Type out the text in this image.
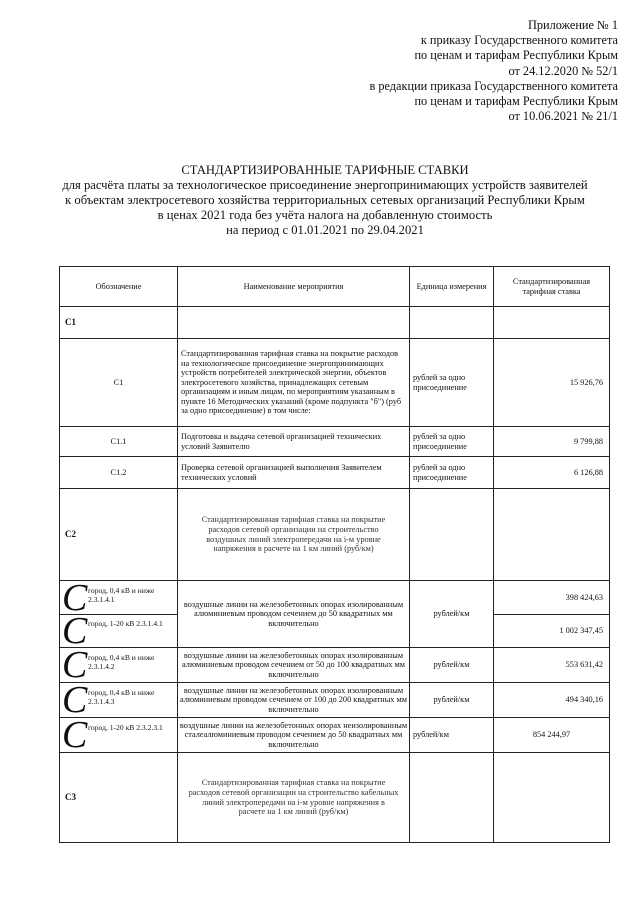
Приложение № 1
к приказу Государственного комитета
по ценам и тарифам Республики Крым
от 24.12.2020 № 52/1
в редакции приказа Государственного комитета
по ценам и тарифам Республики Крым
от 10.06.2021 № 21/1
СТАНДАРТИЗИРОВАННЫЕ ТАРИФНЫЕ СТАВКИ
для расчёта платы за технологическое присоединение энергопринимающих устройств заявителей
к объектам электросетевого хозяйства территориальных сетевых организаций Республики Крым
в ценах 2021 года без учёта налога на добавленную стоимость
на период с 01.01.2021 по 29.04.2021
Обозначение	Наименование мероприятия	Единица измерения	Стандартизированная тарифная ставка
С1			
С1	Стандартизированная тарифная ставка на покрытие расходов на технологическое присоединение энергопринимающих устройств потребителей электрической энергии, объектов электросетевого хозяйства, принадлежащих сетевым организациям и иным лицам, по мероприятиям указанным в пункте 16 Методических указаний (кроме подпункта "б") (руб за одно присоединение) в том числе:	рублей за одно присоединение	15 926,76
С1.1	Подготовка и выдача сетевой организацией технических условий Заявителю	рублей за одно присоединение	9 799,88
С1.2	Проверка сетевой организацией выполнения Заявителем технических условий	рублей за одно присоединение	6 126,88
С2	Стандартизированная тарифная ставка на покрытие расходов сетевой организации на строительство воздушных линий электропередачи на i-м уровне напряжения в расчете на 1 км линий (руб/км)		

C город, 0,4 кВ и ниже 2.3.1.4.1	воздушные линии на железобетонных опорах изолированным алюминиевым проводом сечением до 50 квадратных мм включительно	рублей/км	398 424,63

C город, 1-20 кВ 2.3.1.4.1			1 002 347,45

C город, 0,4 кВ и ниже 2.3.1.4.2	воздушные линии на железобетонных опорах изолированным алюминиевым проводом сечением от 50 до 100 квадратных мм включительно	рублей/км	553 631,42

C город, 0,4 кВ и ниже 2.3.1.4.3	воздушные линии на железобетонных опорах изолированным алюминиевым проводом сечением от 100 до 200 квадратных мм включительно	рублей/км	494 340,16

C город, 1-20 кВ 2.3.2.3.1	воздушные линии на железобетонных опорах неизолированным сталеалюминиевым проводом сечением до 50 квадратных мм включительно	рублей/км	854 244,97
С3	Стандартизированная тарифная ставка на покрытие расходов сетевой организации на строительство кабельных линий электропередачи на i-м уровне напряжения в расчете на 1 км линий (руб/км)		
